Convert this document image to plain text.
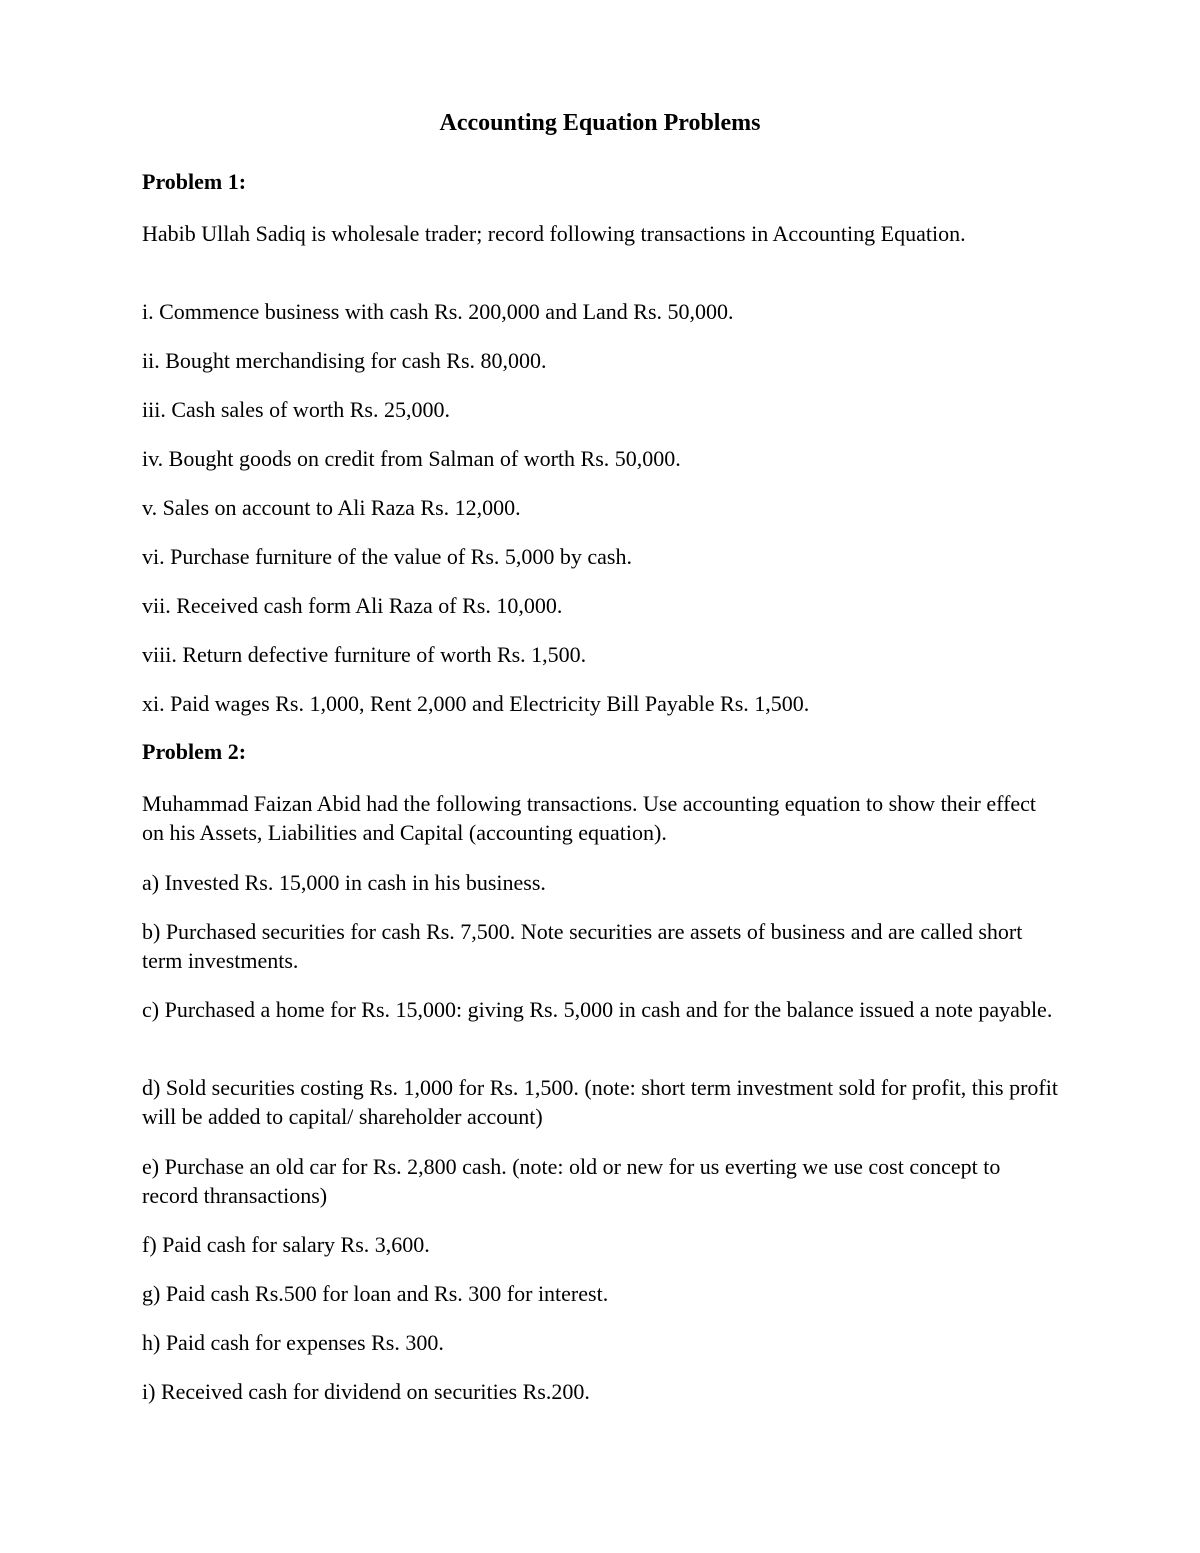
Accounting Equation Problems
Problem 1:

Habib Ullah Sadiq is wholesale trader; record following transactions in Accounting Equation.

i. Commence business with cash Rs. 200,000 and Land Rs. 50,000.

ii. Bought merchandising for cash Rs. 80,000.

iii. Cash sales of worth Rs. 25,000.

iv. Bought goods on credit from Salman of worth Rs. 50,000.

v. Sales on account to Ali Raza Rs. 12,000.

vi. Purchase furniture of the value of Rs. 5,000 by cash.

vii. Received cash form Ali Raza of Rs. 10,000.

viii. Return defective furniture of worth Rs. 1,500.

xi. Paid wages Rs. 1,000, Rent 2,000 and Electricity Bill Payable Rs. 1,500.

Problem 2:

Muhammad Faizan Abid had the following transactions. Use accounting equation to show their effect on his Assets, Liabilities and Capital (accounting equation).

a) Invested Rs. 15,000 in cash in his business.

b) Purchased securities for cash Rs. 7,500. Note securities are assets of business and are called short term investments.

c) Purchased a home for Rs. 15,000: giving Rs. 5,000 in cash and for the balance issued a note payable.

d) Sold securities costing Rs. 1,000 for Rs. 1,500. (note: short term investment sold for profit, this profit will be added to capital/ shareholder account)

e) Purchase an old car for Rs. 2,800 cash. (note: old or new for us everting we use cost concept to record thransactions)

f) Paid cash for salary Rs. 3,600.

g) Paid cash Rs.500 for loan and Rs. 300 for interest.

h) Paid cash for expenses Rs. 300.

i) Received cash for dividend on securities Rs.200.
